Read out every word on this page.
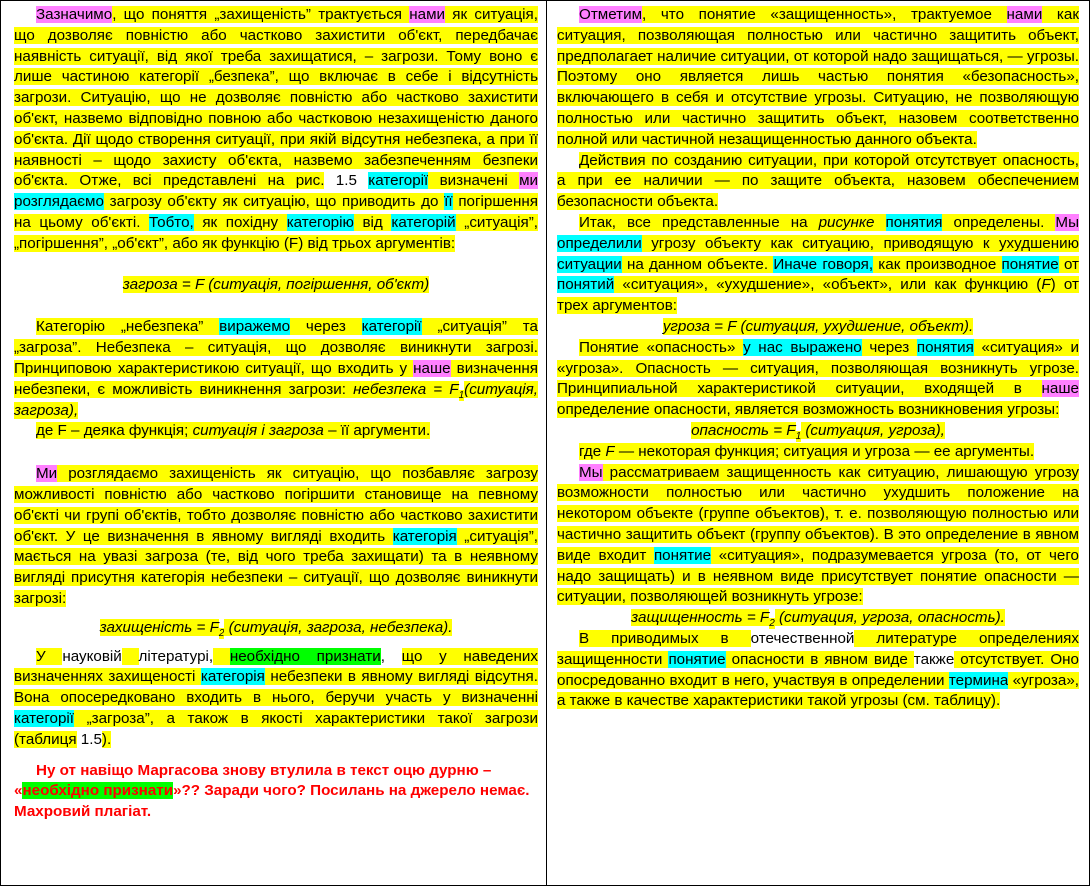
Зазначимо, що поняття „захищеність” трактується нами як ситуація, що дозволяє повністю або частково захистити об'єкт, передбачає наявність ситуації, від якої треба захищатися, – загрози. Тому воно є лише частиною категорії „безпека”, що включає в себе і відсутність загрози. Ситуацію, що не дозволяє повністю або частково захистити об'єкт, назвемо відповідно повною або частковою незахищеністю даного об'єкта. Дії щодо створення ситуації, при якій відсутня небезпека, а при її наявності – щодо захисту об'єкта, назвемо забезпеченням безпеки об'єкта. Отже, всі представлені на рис. 1.5 категорії визначені ми розглядаємо загрозу об'єкту як ситуацію, що приводить до її погіршення на цьому об'єкті. Тобто, як похідну категорію від категорій „ситуація”, „погіршення”, „об'єкт”, або як функцію (F) від трьох аргументів:

загроза = F (ситуація, погіршення, об'єкт)

Категорію „небезпека” виражемо через категорії „ситуація” та „загроза”. Небезпека – ситуація, що дозволяє виникнути загрозі. Принциповою характеристикою ситуації, що входить у наше визначення небезпеки, є можливість виникнення загрози: небезпека = $F_1(ситуація$, загроза),

де F – деяка функція; ситуація і загроза – її аргументи.

Ми розглядаємо захищеність як ситуацію, що позбавляє загрозу можливості повністю або частково погіршити становище на певному об'єкті чи групі об'єктів, тобто дозволяє повністю або частково захистити об'єкт. У це визначення в явному вигляді входить категорія „ситуація”, мається на увазі загроза (те, від чого треба захищати) та в неявному вигляді присутня категорія небезпеки – ситуації, що дозволяє виникнути загрозі:

захищеність = $F_2$ (ситуація, загроза, небезпека).

У науковій літературі, необхідно признати, що у наведених визначеннях захищеності категорія небезпеки в явному вигляді відсутня. Вона опосередковано входить в нього, беручи участь у визначенні категорії „загроза”, а також в якості характеристики такої загрози (таблиця 1.5).

Ну от навіщо Маргасова знову втулила в текст оцю дурню – «необхідно признати»?? Заради чого? Посилань на джерело немає. Махровий плагіат.

Отметим, что понятие «защищенность», трактуемое нами как ситуация, позволяющая полностью или частично защитить объект, предполагает наличие ситуации, от которой надо защищаться, — угрозы. Поэтому оно является лишь частью понятия «безопасность», включающего в себя и отсутствие угрозы. Ситуацию, не позволяющую полностью или частично защитить объект, назовем соответственно полной или частичной незащищенностью данного объекта.

Действия по созданию ситуации, при которой отсутствует опасность, а при ее наличии — по защите объекта, назовем обеспечением безопасности объекта.

Итак, все представленные на рисунке понятия определены. Мы определили угрозу объекту как ситуацию, приводящую к ухудшению ситуации на данном объекте. Иначе говоря, как производное понятие от понятий «ситуация», «ухудшение», «объект», или как функцию (F) от трех аргументов:

угроза = F (ситуация, ухудшение, объект).

Понятие «опасность» у нас выражено через понятия «ситуация» и «угроза». Опасность — ситуация, позволяющая возникнуть угрозе. Принципиальной характеристикой ситуации, входящей в наше определение опасности, является возможность возникновения угрозы:

опасность = $F_1$ (ситуация, угроза),

где F — некоторая функция; ситуация и угроза — ее аргументы.

Мы рассматриваем защищенность как ситуацию, лишающую угрозу возможности полностью или частично ухудшить положение на некотором объекте (группе объектов), т. е. позволяющую полностью или частично защитить объект (группу объектов). В это определение в явном виде входит понятие «ситуация», подразумевается угроза (то, от чего надо защищать) и в неявном виде присутствует понятие опасности — ситуации, позволяющей возникнуть угрозе:

защищенность = $F_2$ (ситуация, угроза, опасность).

В приводимых в отечественной литературе определениях защищенности понятие опасности в явном виде также отсутствует. Оно опосредованно входит в него, участвуя в определении термина «угроза», а также в качестве характеристики такой угрозы (см. таблицу).
